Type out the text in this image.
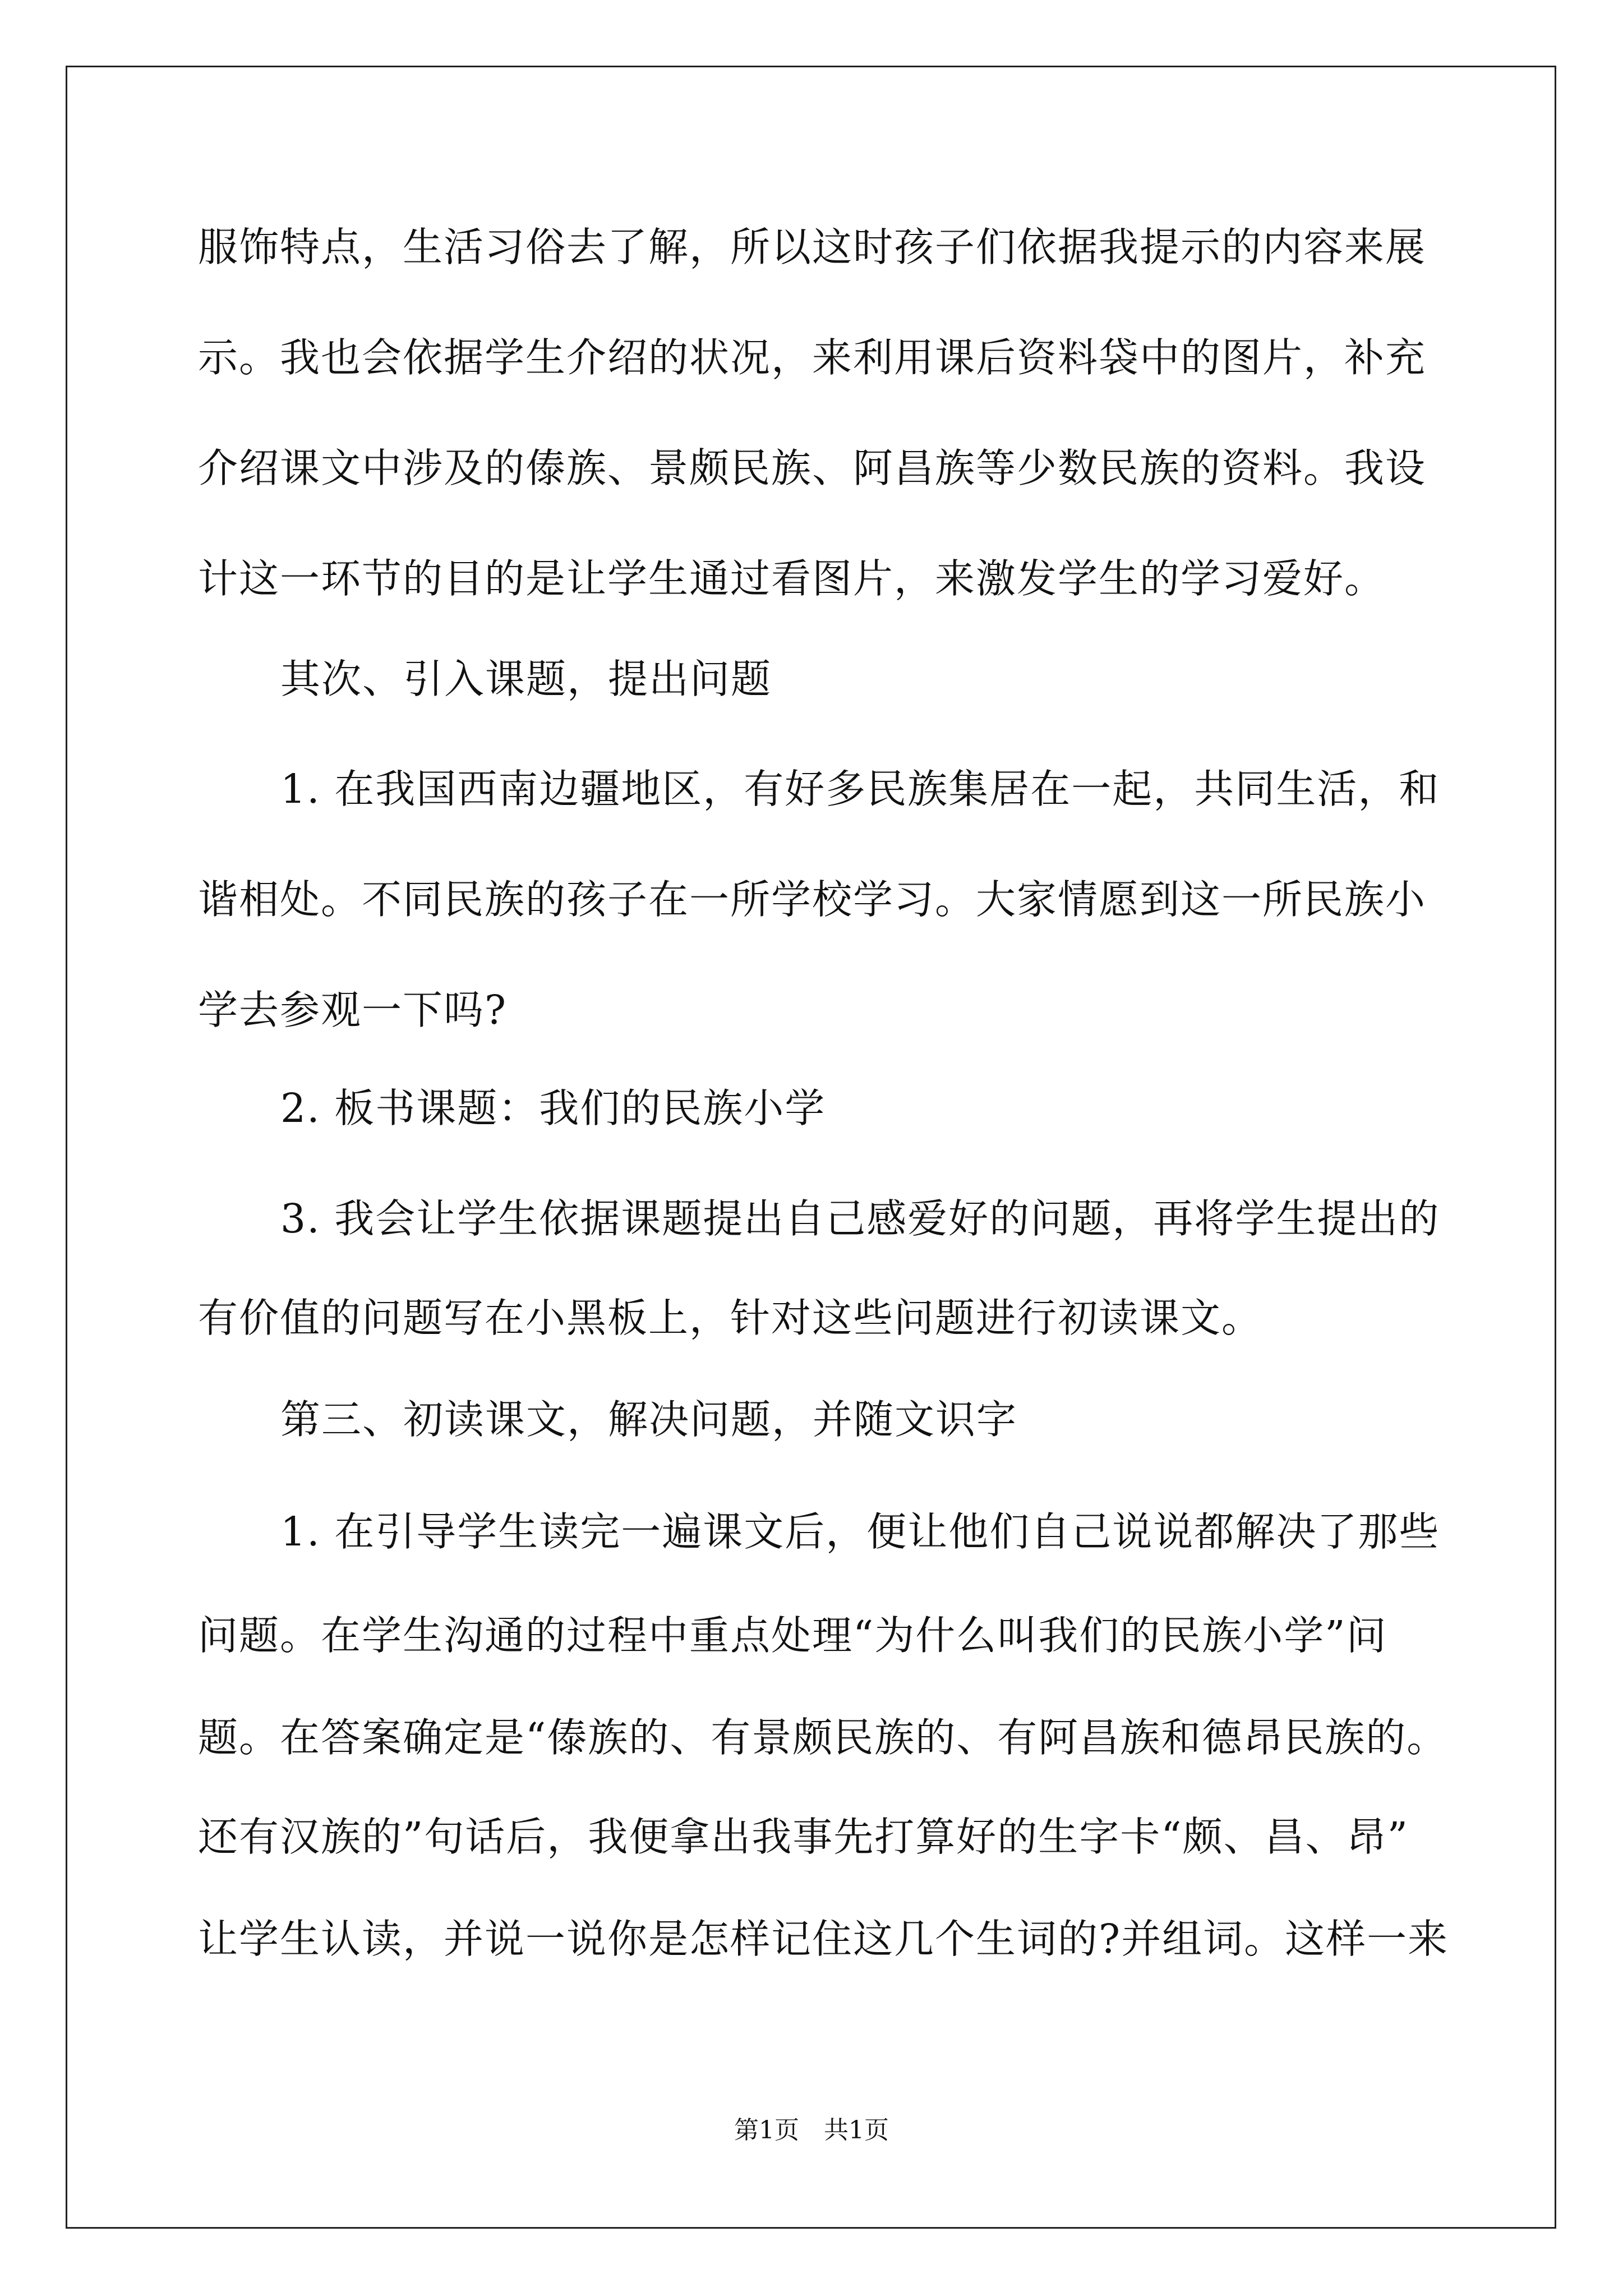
服饰特点，生活习俗去了解，所以这时孩子们依据我提示的内容来展
示。我也会依据学生介绍的状况，来利用课后资料袋中的图片，补充
介绍课文中涉及的傣族、景颇民族、阿昌族等少数民族的资料。我设
计这一环节的目的是让学生通过看图片，来激发学生的学习爱好。
其次、引入课题，提出问题
1. 在我国西南边疆地区，有好多民族集居在一起，共同生活，和
谐相处。不同民族的孩子在一所学校学习。大家情愿到这一所民族小
学去参观一下吗?
2. 板书课题：我们的民族小学
3. 我会让学生依据课题提出自己感爱好的问题，再将学生提出的
有价值的问题写在小黑板上，针对这些问题进行初读课文。
第三、初读课文，解决问题，并随文识字
1. 在引导学生读完一遍课文后，便让他们自己说说都解决了那些
问题。在学生沟通的过程中重点处理“为什么叫我们的民族小学”问
题。在答案确定是“傣族的、有景颇民族的、有阿昌族和德昂民族的。
还有汉族的”句话后，我便拿出我事先打算好的生字卡“颇、昌、昂”
让学生认读，并说一说你是怎样记住这几个生词的?并组词。这样一来
第1页　共1页
